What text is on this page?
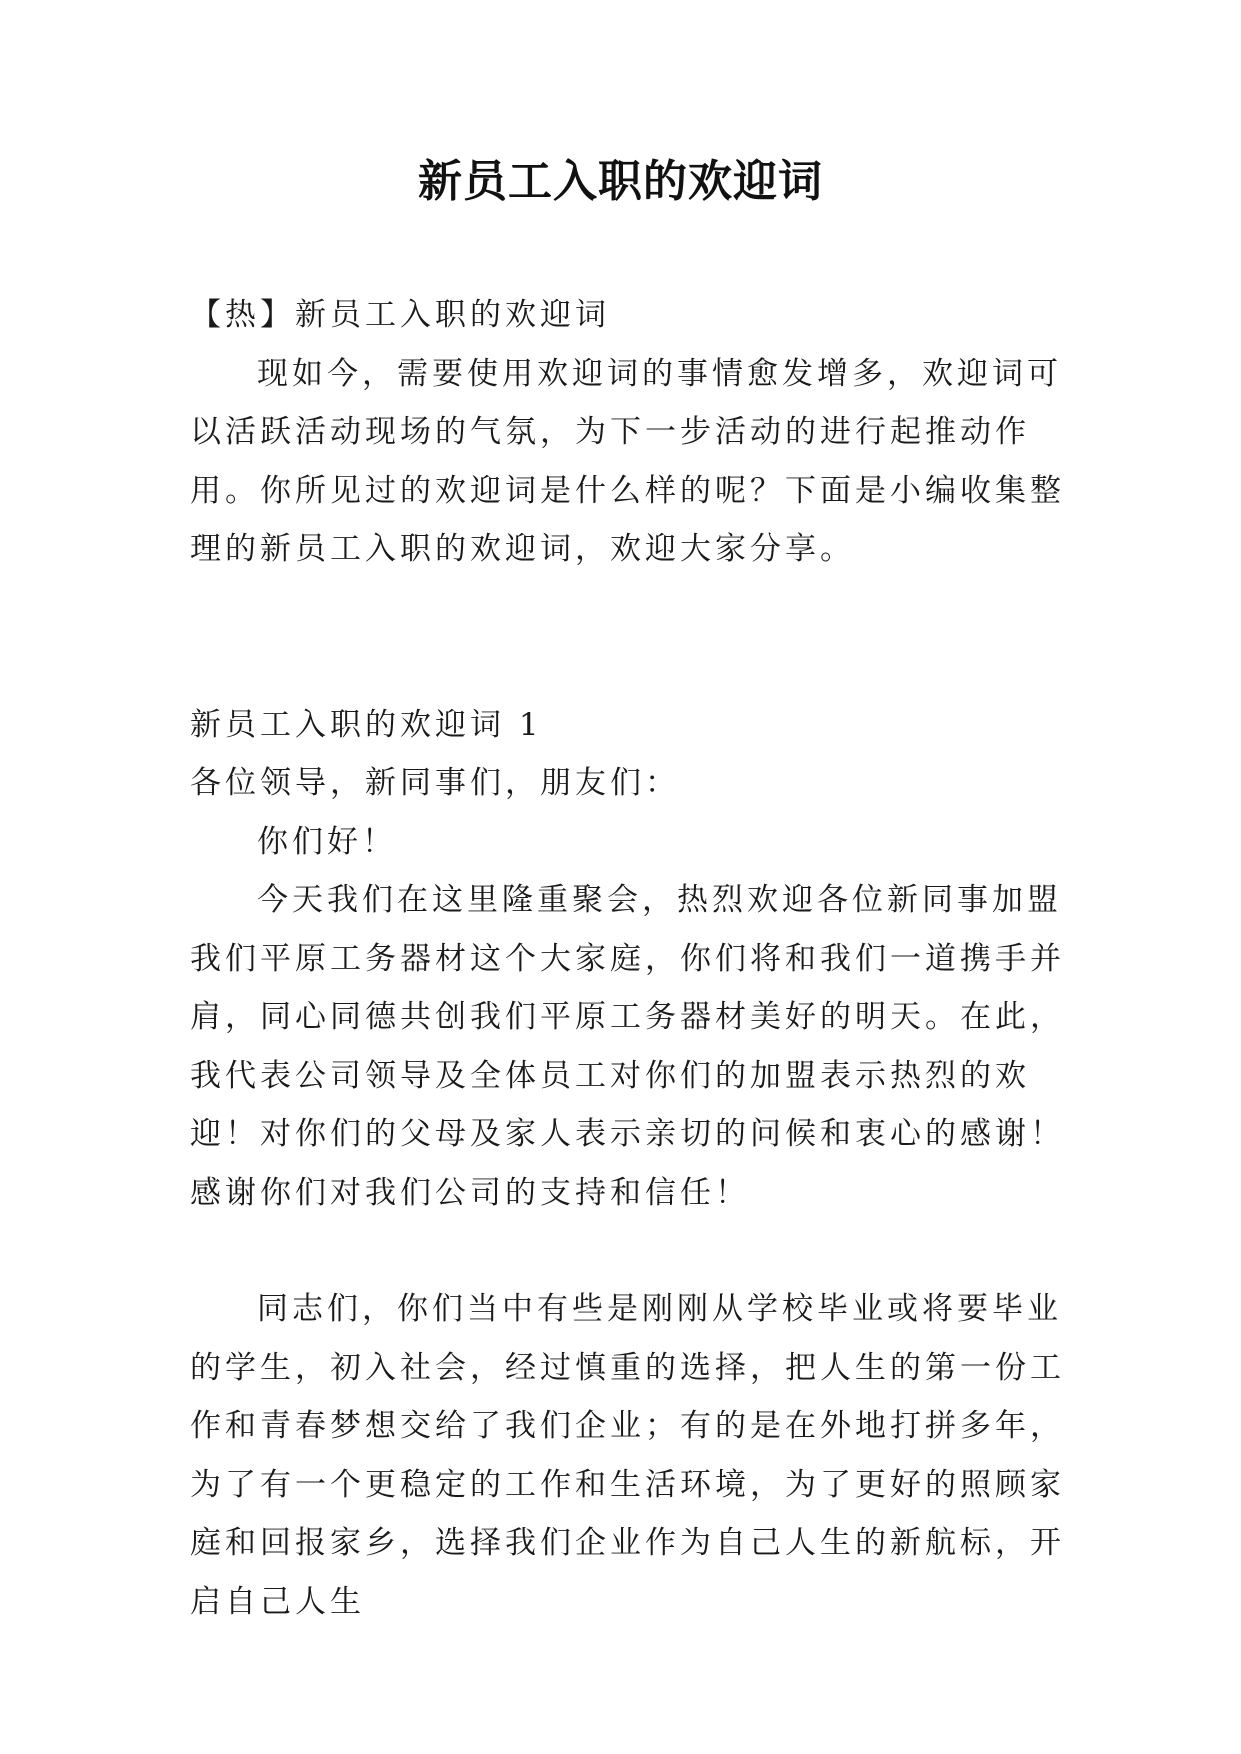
新员工入职的欢迎词

【热】新员工入职的欢迎词

现如今，需要使用欢迎词的事情愈发增多，欢迎词可以活跃活动现场的气氛，为下一步活动的进行起推动作用。你所见过的欢迎词是什么样的呢？下面是小编收集整理的新员工入职的欢迎词，欢迎大家分享。

新员工入职的欢迎词 1

各位领导，新同事们，朋友们：

你们好！

今天我们在这里隆重聚会，热烈欢迎各位新同事加盟我们平原工务器材这个大家庭，你们将和我们一道携手并肩，同心同德共创我们平原工务器材美好的明天。在此，我代表公司领导及全体员工对你们的加盟表示热烈的欢迎！对你们的父母及家人表示亲切的问候和衷心的感谢！感谢你们对我们公司的支持和信任！

同志们，你们当中有些是刚刚从学校毕业或将要毕业的学生，初入社会，经过慎重的选择，把人生的第一份工作和青春梦想交给了我们企业；有的是在外地打拼多年，为了有一个更稳定的工作和生活环境，为了更好的照顾家庭和回报家乡，选择我们企业作为自己人生的新航标，开启自己人生
